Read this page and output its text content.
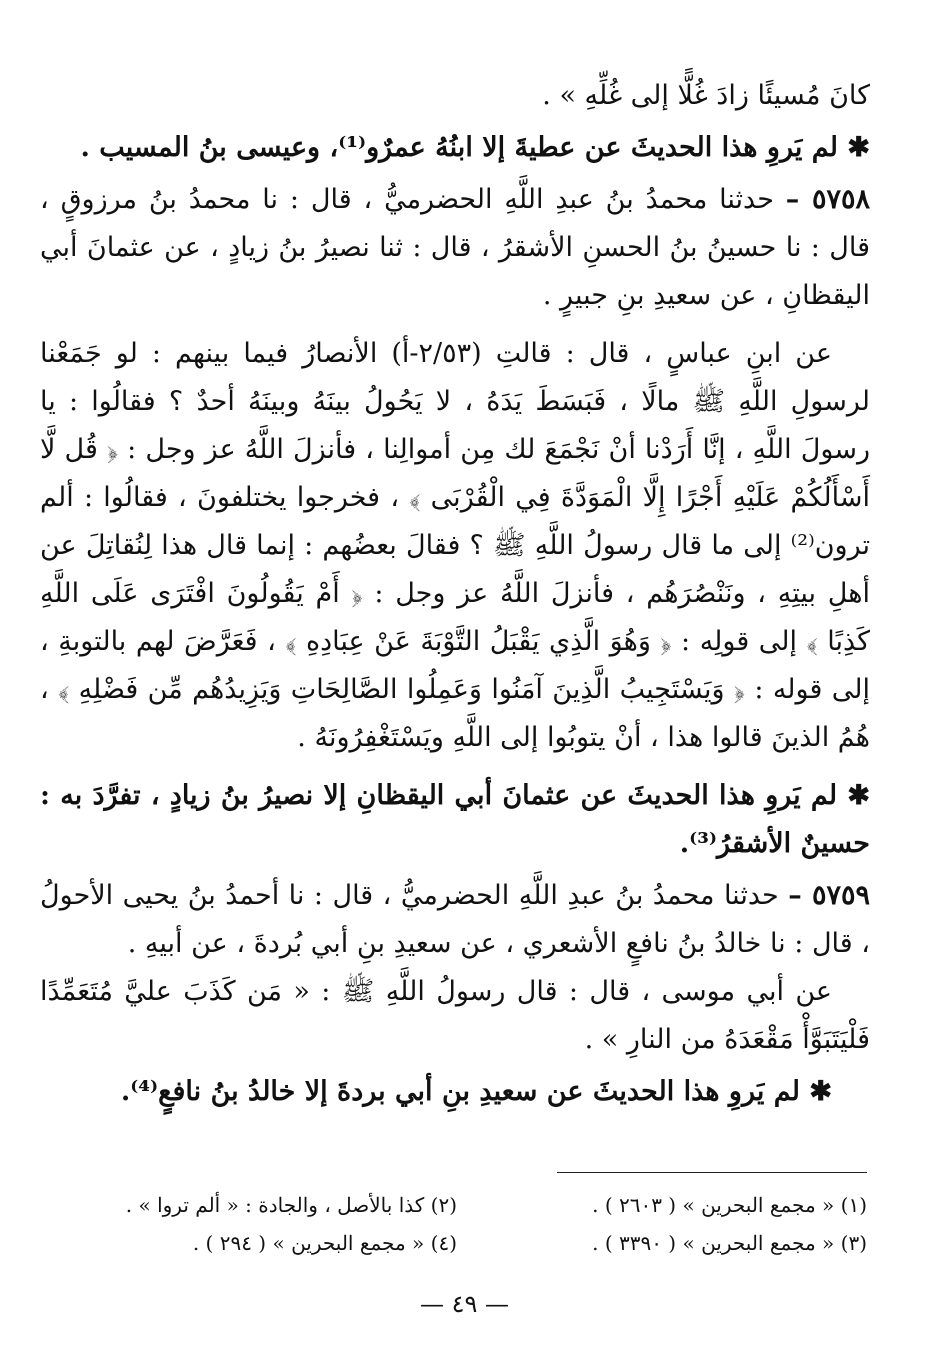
كانَ مُسيئًا زادَ غُلًّا إلى غُلِّهِ » .

✱ لم يَروِ هذا الحديثَ عن عطيةَ إلا ابنُهُ عمرٌو⁽¹⁾، وعيسى بنُ المسيب .

٥٧٥٨ – حدثنا محمدُ بنُ عبدِ اللَّهِ الحضرميُّ ، قال : نا محمدُ بنُ مرزوقٍ ، قال : نا حسينُ بنُ الحسنِ الأشقرُ ، قال : ثنا نصيرُ بنُ زيادٍ ، عن عثمانَ أبي اليقظانِ ، عن سعيدِ بنِ جبيرٍ .

عن ابنِ عباسٍ ، قال : قالتِ (٢/٥٣-أ) الأنصارُ فيما بينهم : لو جَمَعْنا لرسولِ اللَّهِ ﷺ مالًا ، فَبَسَطَ يَدَهُ ، لا يَحُولُ بينَهُ وبينَهُ أحدٌ ؟ فقالُوا : يا رسولَ اللَّهِ ، إنَّا أَرَدْنا أنْ نَجْمَعَ لك مِن أموالِنا ، فأنزلَ اللَّهُ عز وجل : ﴿ قُل لَّا أَسْأَلُكُمْ عَلَيْهِ أَجْرًا إِلَّا الْمَوَدَّةَ فِي الْقُرْبَى ﴾ ، فخرجوا يختلفونَ ، فقالُوا : ألم ترون⁽²⁾ إلى ما قال رسولُ اللَّهِ ﷺ ؟ فقالَ بعضُهم : إنما قال هذا لِنُقاتِلَ عن أهلِ بيتِهِ ، ونَنْصُرَهُم ، فأنزلَ اللَّهُ عز وجل : ﴿ أَمْ يَقُولُونَ افْتَرَى عَلَى اللَّهِ كَذِبًا ﴾ إلى قولِه : ﴿ وَهُوَ الَّذِي يَقْبَلُ التَّوْبَةَ عَنْ عِبَادِهِ ﴾ ، فَعَرَّضَ لهم بالتوبةِ ، إلى قوله : ﴿ وَيَسْتَجِيبُ الَّذِينَ آمَنُوا وَعَمِلُوا الصَّالِحَاتِ وَيَزِيدُهُم مِّن فَضْلِهِ ﴾ ، هُمُ الذينَ قالوا هذا ، أنْ يتوبُوا إلى اللَّهِ ويَسْتَغْفِرُونَهُ .

✱ لم يَروِ هذا الحديثَ عن عثمانَ أبي اليقظانِ إلا نصيرُ بنُ زيادٍ ، تفرَّدَ به : حسينٌ الأشقرُ⁽³⁾.

٥٧٥٩ – حدثنا محمدُ بنُ عبدِ اللَّهِ الحضرميُّ ، قال : نا أحمدُ بنُ يحيى الأحولُ ، قال : نا خالدُ بنُ نافعٍ الأشعري ، عن سعيدِ بنِ أبي بُردةَ ، عن أبيهِ .

عن أبي موسى ، قال : قال رسولُ اللَّهِ ﷺ : « مَن كَذَبَ عليَّ مُتَعَمِّدًا فَلْيَتَبَوَّأْ مَقْعَدَهُ من النارِ » .

✱ لم يَروِ هذا الحديثَ عن سعيدِ بنِ أبي بردةَ إلا خالدُ بنُ نافعٍ⁽⁴⁾.

(١) « مجمع البحرين » ( ٢٦٠٣ ) .
(٢) كذا بالأصل ، والجادة : « ألم تروا » .
(٣) « مجمع البحرين » ( ٣٣٩٠ ) .
(٤) « مجمع البحرين » ( ٢٩٤ ) .
— ٤٩ —
